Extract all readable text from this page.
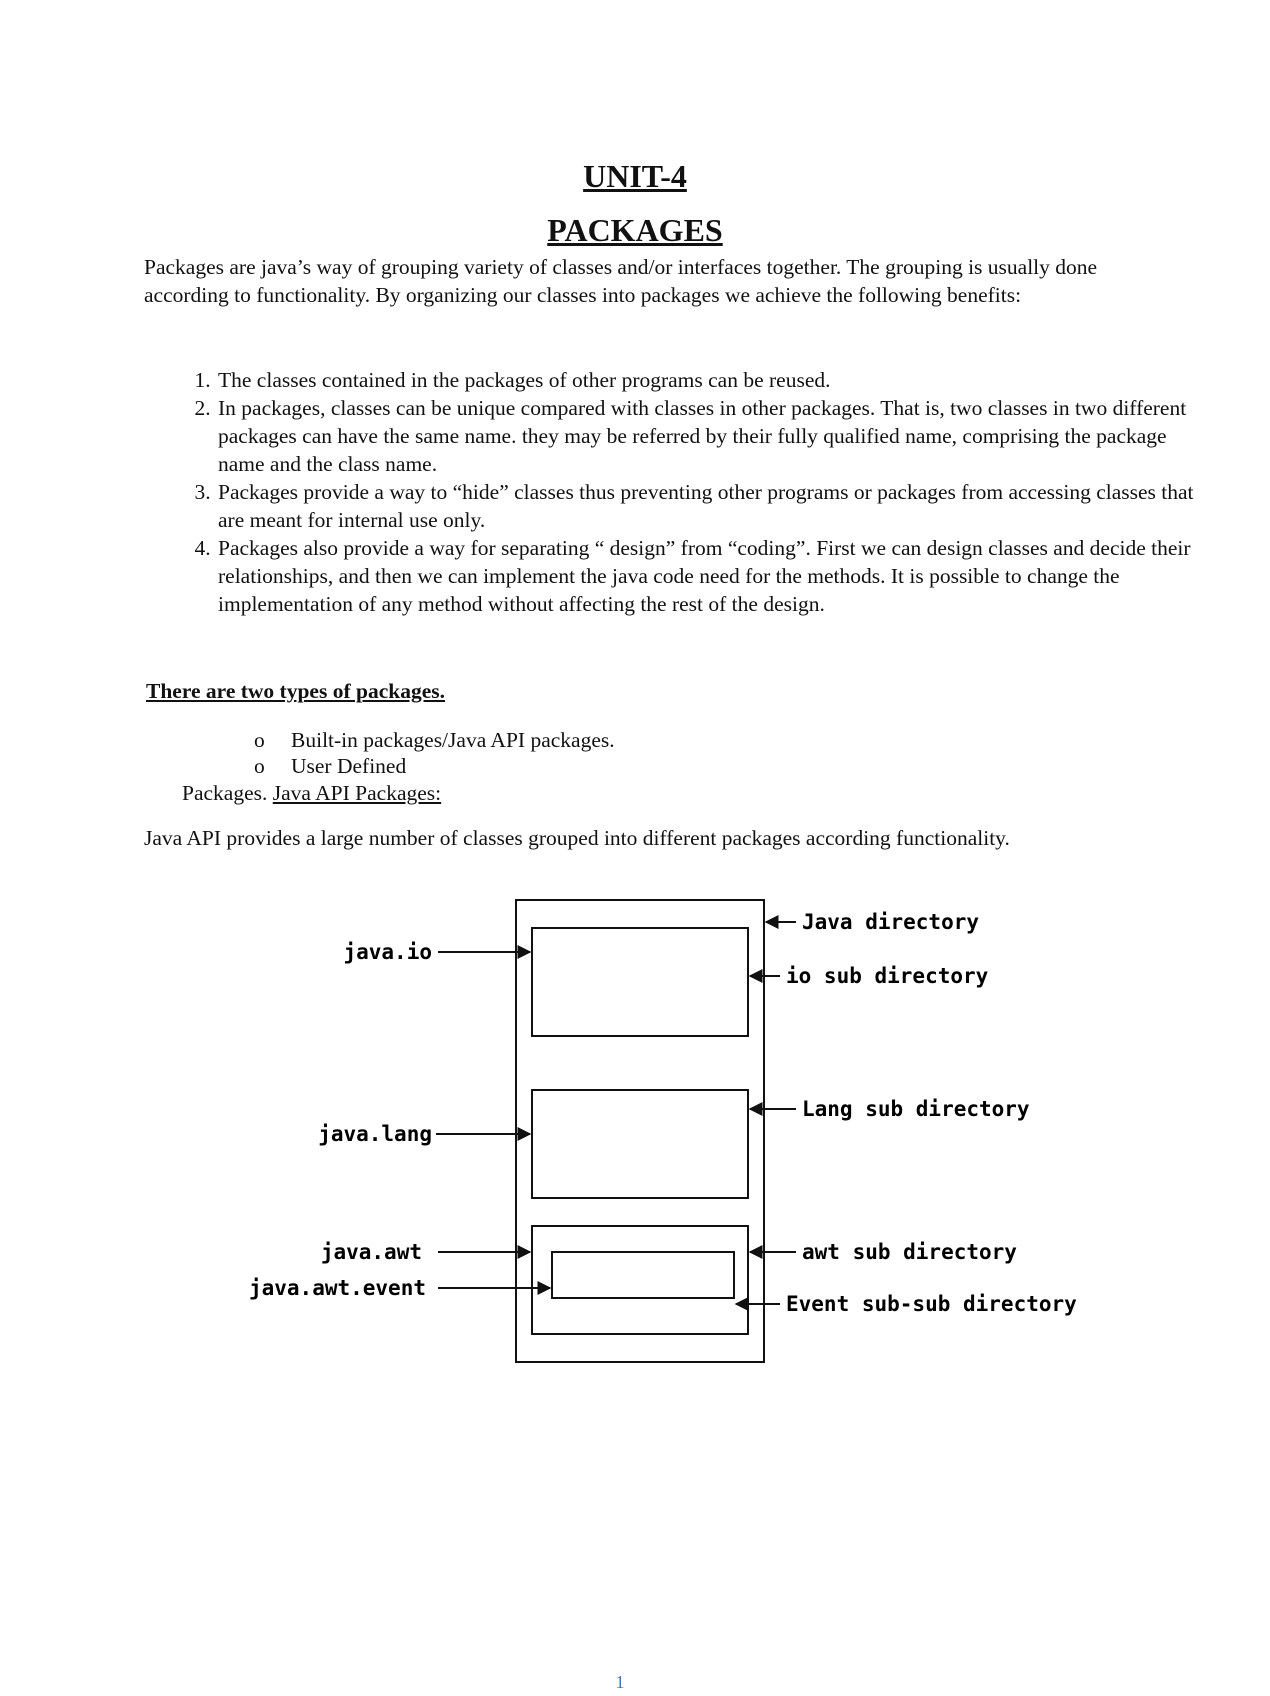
UNIT-4
PACKAGES

Packages are java’s way of grouping variety of classes and/or interfaces together. The grouping is usually done according to functionality. By organizing our classes into packages we achieve the following benefits:

1. The classes contained in the packages of other programs can be reused.
2. In packages, classes can be unique compared with classes in other packages. That is, two classes in two different packages can have the same name. they may be referred by their fully qualified name, comprising the package name and the class name.
3. Packages provide a way to “hide” classes thus preventing other programs or packages from accessing classes that are meant for internal use only.
4. Packages also provide a way for separating “ design” from “coding”. First we can design classes and decide their relationships, and then we can implement the java code need for the methods. It is possible to change the implementation of any method without affecting the rest of the design.

There are two types of packages.

o	Built-in packages/Java API packages.
o	User Defined

Packages. Java API Packages:

Java API provides a large number of classes grouped into different packages according functionality.

java.io
java.lang
java.awt
java.awt.event
Java directory
io sub directory
Lang sub directory
awt sub directory
Event sub-sub directory

1
